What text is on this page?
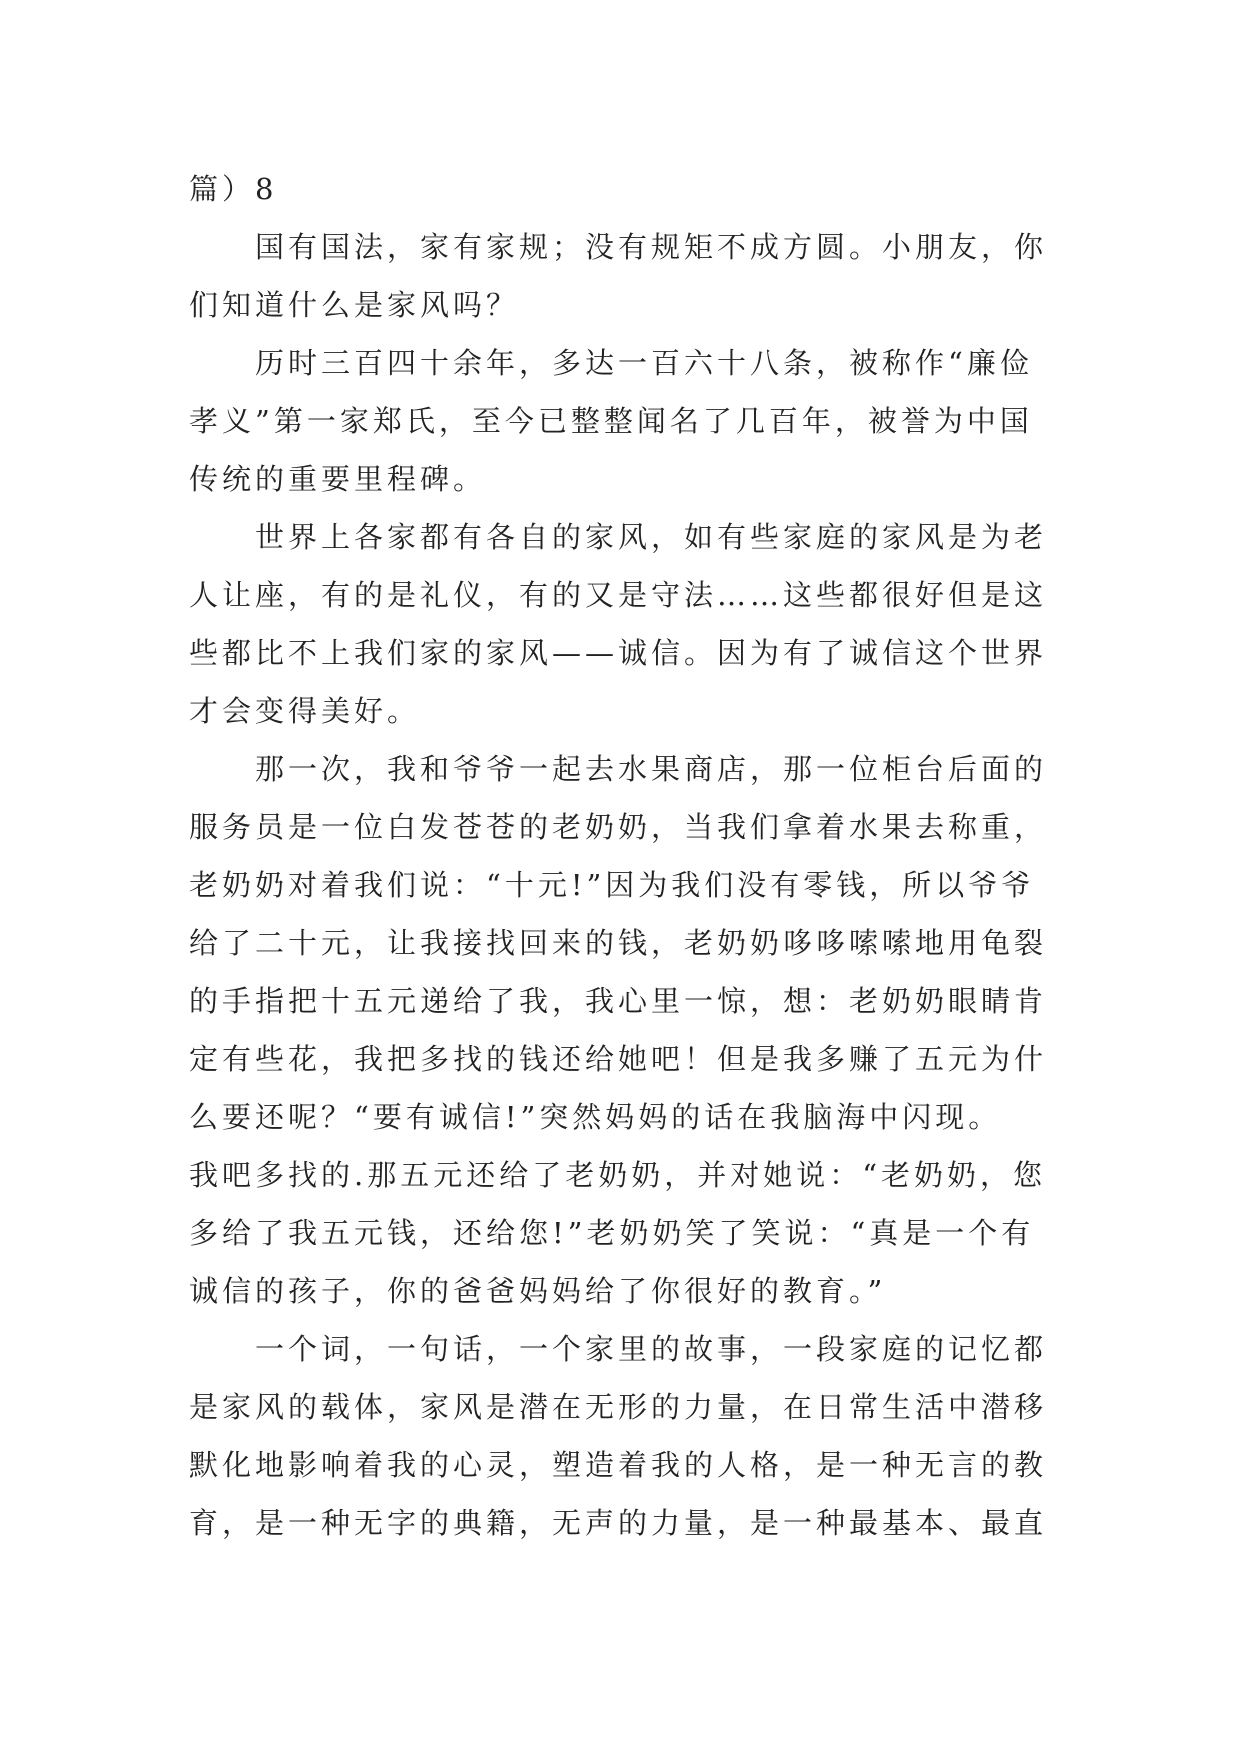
篇）8
国有国法，家有家规；没有规矩不成方圆。小朋友，你
们知道什么是家风吗？
历时三百四十余年，多达一百六十八条，被称作“廉俭
孝义”第一家郑氏，至今已整整闻名了几百年，被誉为中国
传统的重要里程碑。
世界上各家都有各自的家风，如有些家庭的家风是为老
人让座，有的是礼仪，有的又是守法……这些都很好但是这
些都比不上我们家的家风——诚信。因为有了诚信这个世界
才会变得美好。
那一次，我和爷爷一起去水果商店，那一位柜台后面的
服务员是一位白发苍苍的老奶奶，当我们拿着水果去称重，
老奶奶对着我们说：“十元!”因为我们没有零钱，所以爷爷
给了二十元，让我接找回来的钱，老奶奶哆哆嗦嗦地用龟裂
的手指把十五元递给了我，我心里一惊，想：老奶奶眼睛肯
定有些花，我把多找的钱还给她吧！但是我多赚了五元为什
么要还呢？“要有诚信!”突然妈妈的话在我脑海中闪现。
我吧多找的.那五元还给了老奶奶，并对她说：“老奶奶，您
多给了我五元钱，还给您!”老奶奶笑了笑说：“真是一个有
诚信的孩子，你的爸爸妈妈给了你很好的教育。”
一个词，一句话，一个家里的故事，一段家庭的记忆都
是家风的载体，家风是潜在无形的力量，在日常生活中潜移
默化地影响着我的心灵，塑造着我的人格，是一种无言的教
育，是一种无字的典籍，无声的力量，是一种最基本、最直
